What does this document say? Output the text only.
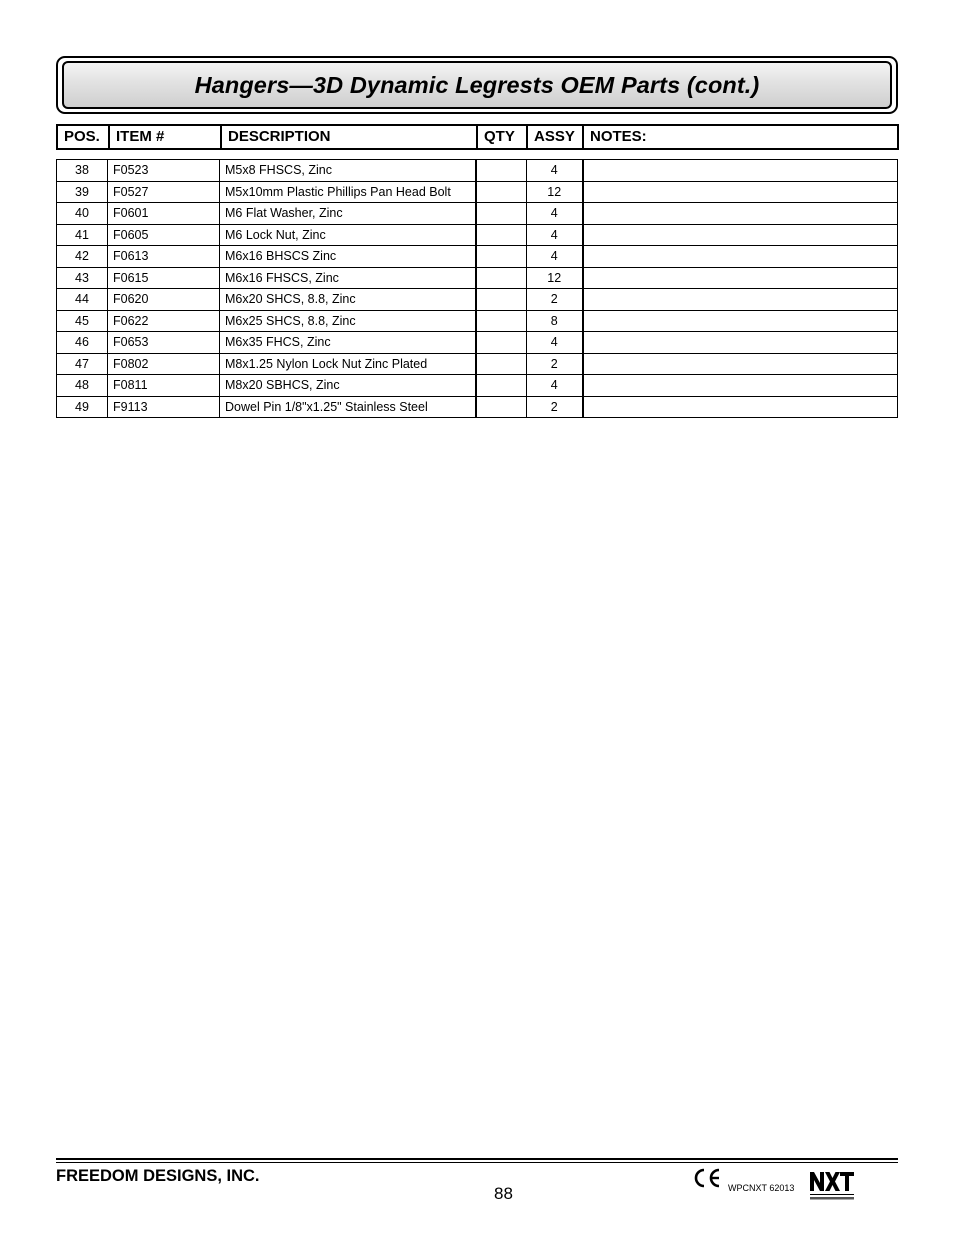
Hangers—3D Dynamic Legrests OEM Parts (cont.)
POS.	ITEM #	DESCRIPTION	QTY	ASSY	NOTES:
38	F0523	M5x8 FHSCS, Zinc		4	
39	F0527	M5x10mm Plastic Phillips Pan Head Bolt		12	
40	F0601	M6 Flat Washer, Zinc		4	
41	F0605	M6 Lock Nut, Zinc		4	
42	F0613	M6x16 BHSCS Zinc		4	
43	F0615	M6x16 FHSCS, Zinc		12	
44	F0620	M6x20 SHCS, 8.8, Zinc		2	
45	F0622	M6x25 SHCS, 8.8, Zinc		8	
46	F0653	M6x35 FHCS, Zinc		4	
47	F0802	M8x1.25 Nylon Lock Nut Zinc Plated		2	
48	F0811	M8x20 SBHCS, Zinc		4	
49	F9113	Dowel Pin 1/8"x1.25" Stainless Steel		2	
FREEDOM DESIGNS, INC.
88	WPCNXT 62013
